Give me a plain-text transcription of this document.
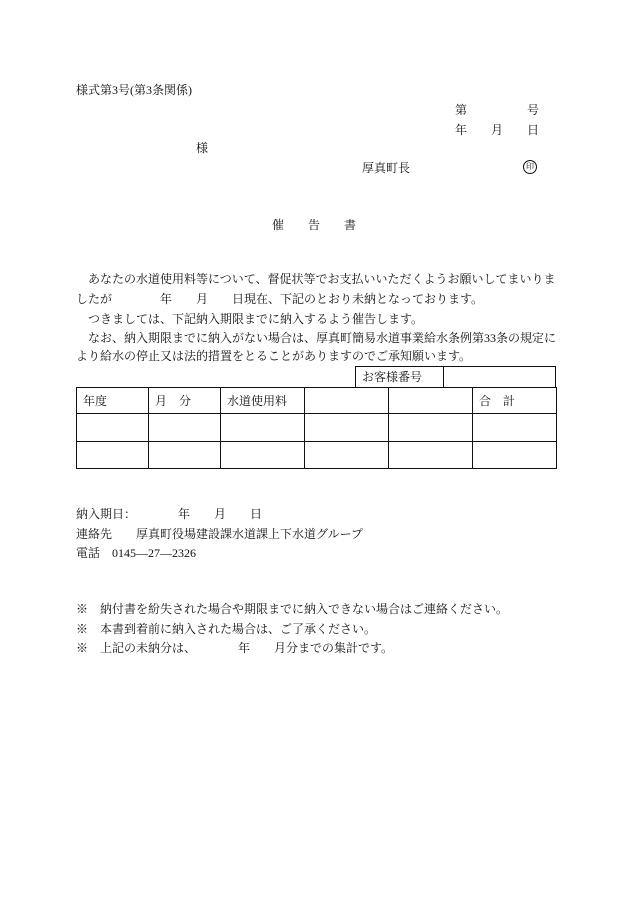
様式第3号(第3条関係)
第　　　　　号
年　　月　　日
様
厚真町長	印
催　　告　　書
　あなたの水道使用料等について、督促状等でお支払いいただくようお願いしてまいりま
したが　　　　年　　月　　日現在、下記のとおり未納となっております。
　つきましては、下記納入期限までに納入するよう催告します。
　なお、納入期限までに納入がない場合は、厚真町簡易水道事業給水条例第33条の規定に
より給水の停止又は法的措置をとることがありますのでご承知願います。
お客様番号
年度	月　分	水道使用料			合　計

納入期日：　　　　年　　月　　日
連絡先　　厚真町役場建設課水道課上下水道グループ
電話　0145―27―2326
※　納付書を紛失された場合や期限までに納入できない場合はご連絡ください。
※　本書到着前に納入された場合は、ご了承ください。
※　上記の未納分は、　　　　年　　月分までの集計です。
